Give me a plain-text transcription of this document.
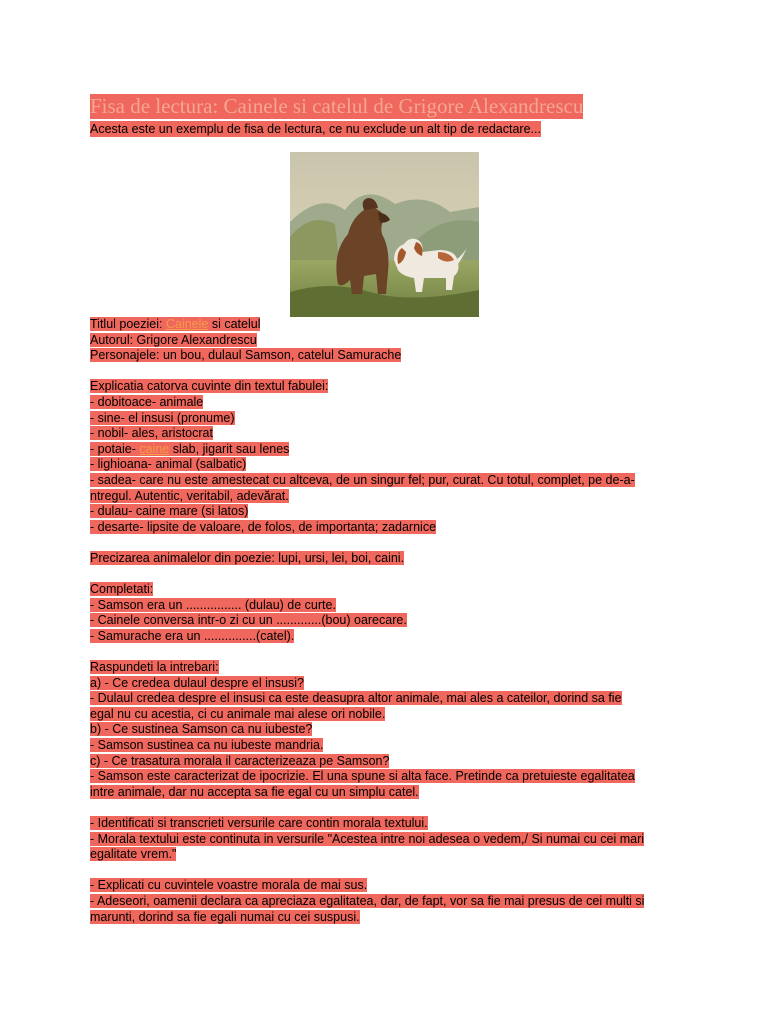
Fisa de lectura: Cainele si catelul de Grigore Alexandrescu
Acesta este un exemplu de fisa de lectura, ce nu exclude un alt tip de redactare...
Titlul poeziei: Cainele si catelul
Autorul: Grigore Alexandrescu
Personajele: un bou, dulaul Samson, catelul Samurache
Explicatia catorva cuvinte din textul fabulei:
- dobitoace- animale
- sine- el insusi (pronume)
- nobil- ales, aristocrat
- potaie- caine slab, jigarit sau lenes
- lighioana- animal (salbatic)
- sadea- care nu este amestecat cu altceva, de un singur fel; pur, curat. Cu totul, complet, pe de-a-
ntregul. Autentic, veritabil, adevărat.
- dulau- caine mare (si latos)
- desarte- lipsite de valoare, de folos, de importanta; zadarnice
Precizarea animalelor din poezie: lupi, ursi, lei, boi, caini.
Completati:
- Samson era un ................ (dulau) de curte.
- Cainele conversa intr-o zi cu un .............(bou) oarecare.
- Samurache era un ...............(catel).
Raspundeti la intrebari:
a) - Ce credea dulaul despre el insusi?
- Dulaul credea despre el insusi ca este deasupra altor animale, mai ales a cateilor, dorind sa fie
egal nu cu acestia, ci cu animale mai alese ori nobile.
b) - Ce sustinea Samson ca nu iubeste?
- Samson sustinea ca nu iubeste mandria.
c) - Ce trasatura morala il caracterizeaza pe Samson?
- Samson este caracterizat de ipocrizie. El una spune si alta face. Pretinde ca pretuieste egalitatea
intre animale, dar nu accepta sa fie egal cu un simplu catel.
- Identificati si transcrieti versurile care contin morala textului.
- Morala textului este continuta in versurile "Acestea intre noi adesea o vedem,/ Si numai cu cei mari
egalitate vrem."
- Explicati cu cuvintele voastre morala de mai sus.
- Adeseori, oamenii declara ca apreciaza egalitatea, dar, de fapt, vor sa fie mai presus de cei multi si
marunti, dorind sa fie egali numai cu cei suspusi.
